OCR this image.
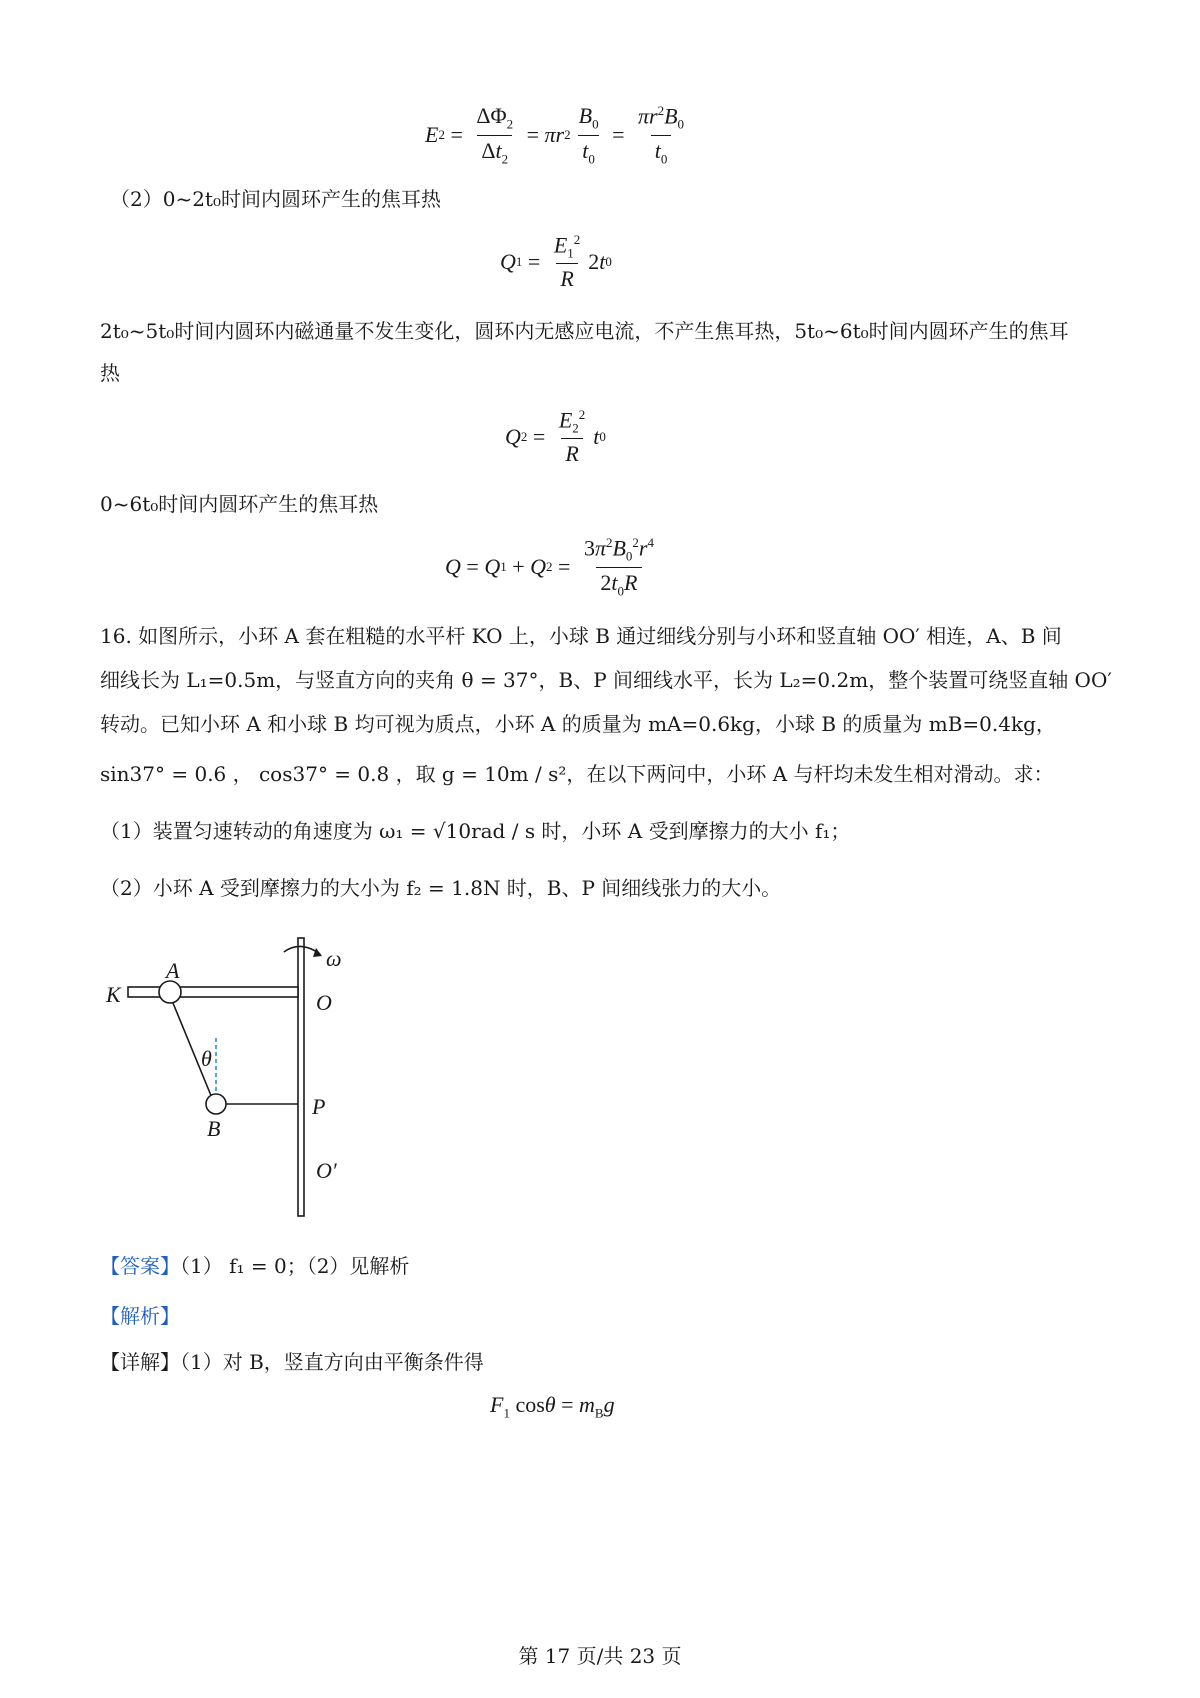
E $2 = \frac{\Delta\Phi_2}{\Delta t_2} = \pi r$ $2 \frac{B_0}{t_0} = \frac{\pi r^2B_0}{t_0}$
（2）0~2t₀时间内圆环产生的焦耳热
Q $1 = \frac{E_1^2}{R} 2$ t 0
2t₀~5t₀时间内圆环内磁通量不发生变化，圆环内无感应电流，不产生焦耳热，5t₀~6t₀时间内圆环产生的焦耳
热
Q $2 = \frac{E_2^2}{R}$ t 0
0~6t₀时间内圆环产生的焦耳热
Q = Q 1 + Q $2 = \frac{3\pi^2B_0^2r^4}{2t_0R}$
16. 如图所示，小环 A 套在粗糙的水平杆 KO 上，小球 B 通过细线分别与小环和竖直轴 OO′ 相连，A、B 间
细线长为 L₁=0.5m，与竖直方向的夹角 θ = 37°，B、P 间细线水平，长为 L₂=0.2m，整个装置可绕竖直轴 OO′
转动。已知小环 A 和小球 B 均可视为质点，小环 A 的质量为 mA=0.6kg，小球 B 的质量为 mB=0.4kg，
sin37° = 0.6 ， cos37° = 0.8 ，取 g = 10m / s²，在以下两问中，小环 A 与杆均未发生相对滑动。求：
（1）装置匀速转动的角速度为 ω₁ = √10rad / s 时，小环 A 受到摩擦力的大小 f₁；
（2）小环 A 受到摩擦力的大小为 f₂ = 1.8N 时，B、P 间细线张力的大小。
ω
A
K	O
θ
P
B
O′
【答案】（1） f₁ = 0；（2）见解析
【解析】
【详解】（1）对 B，竖直方向由平衡条件得
$F_1$ $\cos\theta = m_Bg$
第 17 页/共 23 页
